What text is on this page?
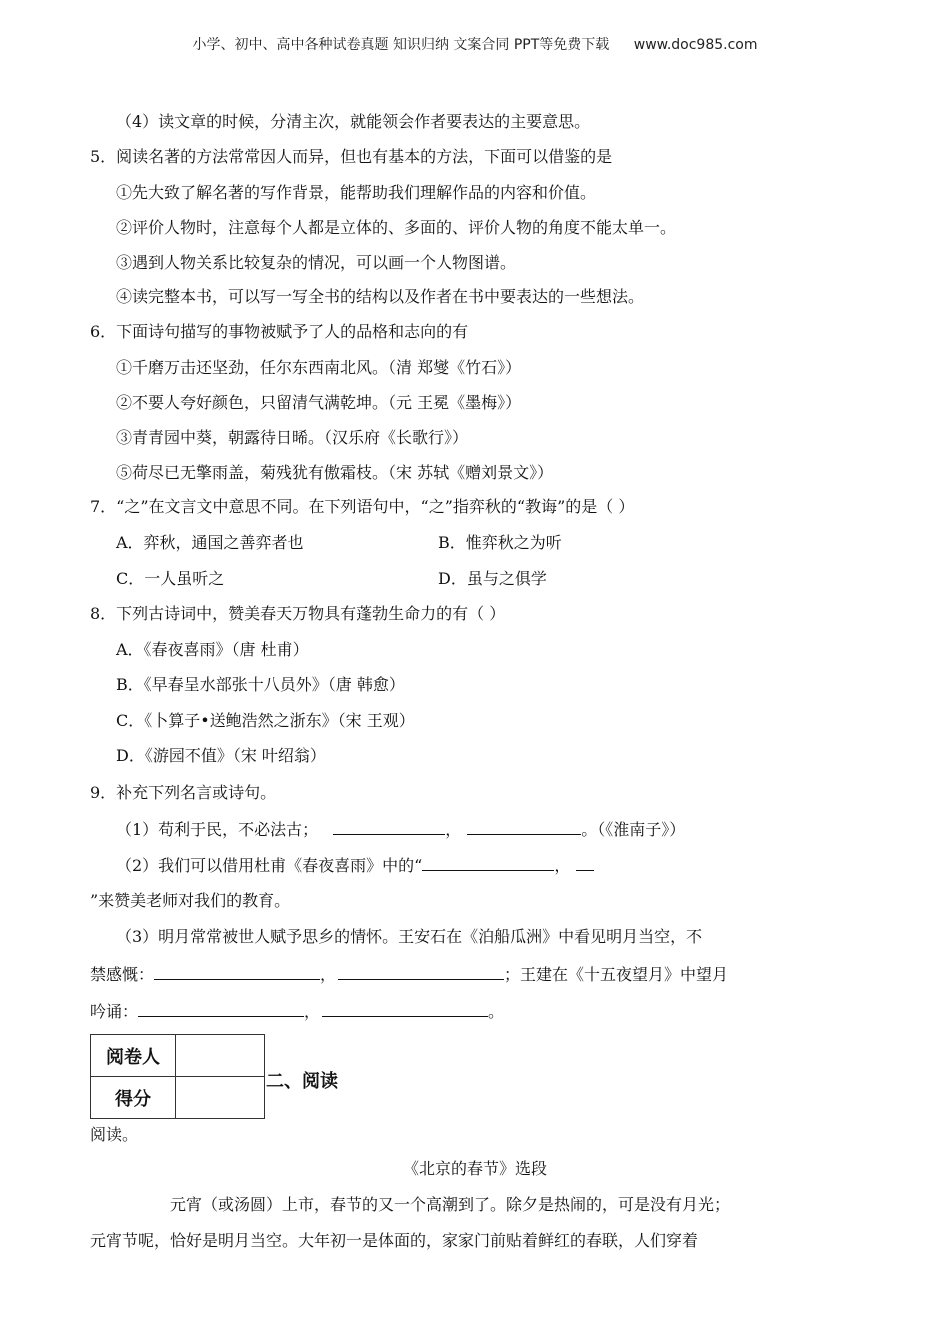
小学、初中、高中各种试卷真题 知识归纳 文案合同 PPT等免费下载 www.doc985.com
（4）读文章的时候，分清主次，就能领会作者要表达的主要意思。
5．阅读名著的方法常常因人而异，但也有基本的方法，下面可以借鉴的是
①先大致了解名著的写作背景，能帮助我们理解作品的内容和价值。
②评价人物时，注意每个人都是立体的、多面的、评价人物的角度不能太单一。
③遇到人物关系比较复杂的情况，可以画一个人物图谱。
④读完整本书，可以写一写全书的结构以及作者在书中要表达的一些想法。
6．下面诗句描写的事物被赋予了人的品格和志向的有
①千磨万击还坚劲，任尔东西南北风。（清 郑燮《竹石》）
②不要人夸好颜色，只留清气满乾坤。（元 王冕《墨梅》）
③青青园中葵，朝露待日晞。（汉乐府《长歌行》）
⑤荷尽已无擎雨盖，菊残犹有傲霜枝。（宋 苏轼《赠刘景文》）
7．“之”在文言文中意思不同。在下列语句中，“之”指弈秋的“教诲”的是（ ）
A．弈秋，通国之善弈者也	B．惟弈秋之为听
C．一人虽听之	D．虽与之俱学
8．下列古诗词中，赞美春天万物具有蓬勃生命力的有（ ）
A．《春夜喜雨》（唐 杜甫）
B．《早春呈水部张十八员外》（唐 韩愈）
C．《卜算子•送鲍浩然之浙东》（宋 王观）
D．《游园不值》（宋 叶绍翁）
9．补充下列名言或诗句。
（1）苟利于民，不必法古；	，	。（《淮南子》）
（2）我们可以借用杜甫《春夜喜雨》中的“	，
”来赞美老师对我们的教育。
（3）明月常常被世人赋予思乡的情怀。王安石在《泊船瓜洲》中看见明月当空，不
禁感慨：	，	；王建在《十五夜望月》中望月
吟诵：	，	。
阅卷人	
得分	
二、阅读
阅读。
《北京的春节》选段
元宵（或汤圆）上市，春节的又一个高潮到了。除夕是热闹的，可是没有月光；
元宵节呢，恰好是明月当空。大年初一是体面的，家家门前贴着鲜红的春联，人们穿着
